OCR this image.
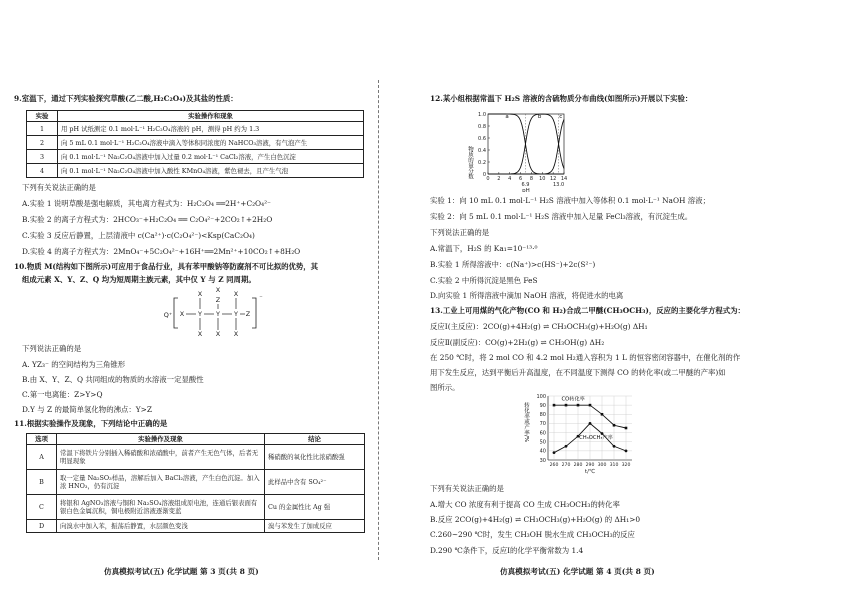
9.室温下，通过下列实验探究草酸(乙二酸,H₂C₂O₄)及其盐的性质：
实验	实验操作和现象
1	用 pH 试纸测定 0.1 mol·L⁻¹ H₂C₂O₄溶液的 pH，测得 pH 约为 1.3
2	向 5 mL 0.1 mol·L⁻¹ H₂C₂O₄溶液中滴入等体积同浓度的 NaHCO₃溶液，有气泡产生
3	向 0.1 mol·L⁻¹ Na₂C₂O₄溶液中加入过量 0.2 mol·L⁻¹ CaCl₂溶液，产生白色沉淀
4	向 0.1 mol·L⁻¹ Na₂C₂O₄溶液中加入酸性 KMnO₄溶液，紫色褪去，且产生气泡
下列有关说法正确的是
A.实验 1 说明草酸是强电解质，其电离方程式为：H₂C₂O₄ ══2H⁺+C₂O₄²⁻
B.实验 2 的离子方程式为：2HCO₃⁻+H₂C₂O₄ ══ C₂O₄²⁻+2CO₂↑+2H₂O
C.实验 3 反应后静置，上层清液中 c(Ca²⁺)·c(C₂O₄²⁻)<Ksp(CaC₂O₄)
D.实验 4 的离子方程式为：2MnO₄⁻+5C₂O₄²⁻+16H⁺══2Mn²⁺+10CO₂↑+8H₂O
10.物质 M(结构如下图所示)可应用于食品行业，具有苯甲酸钠等防腐剂不可比拟的优势，其
组成元素 X、Y、Z、Q 均为短周期主族元素，其中仅 Y 与 Z 同周期。
Q⁺
⁻
X Y Y Y Z
X X
Z
X
X X X
下列说法正确的是
A. YZ₃⁻ 的空间结构为三角锥形
B.由 X、Y、Z、Q 共同组成的物质的水溶液一定显酸性
C.第一电离能：Z>Y>Q
D.Y 与 Z 的最简单氢化物的沸点：Y>Z
11.根据实验操作及现象，下列结论中正确的是
选项	实验操作及现象	结论
A	常温下将铁片分别插入稀硝酸和浓硝酸中，前者产生无色气体，后者无明显现象	稀硝酸的氧化性比浓硝酸强
B	取一定量 Na₂SO₃样品，溶解后加入 BaCl₂溶液，产生白色沉淀。加入浓 HNO₃，仍有沉淀	此样品中含有 SO₄²⁻
C	将银和 AgNO₃溶液与铜和 Na₂SO₄溶液组成原电池，连通后银表面有银白色金属沉积，铜电极附近溶液逐渐变蓝	Cu 的金属性比 Ag 强
D	向溴水中加入苯，振荡后静置，水层颜色变浅	溴与苯发生了加成反应
仿真模拟考试(五) 化学试题 第 3 页(共 8 页)
12.某小组根据常温下 H₂S 溶液的含硫物质分布曲线(如图所示)开展以下实验：
物质的量分数
1.0
0.8
0.6
0.4
0.2
0
0 2 4 6 8 10 12 14
6.9	13.0
pH
a	b	c
实验 1：向 10 mL 0.1 mol·L⁻¹ H₂S 溶液中加入等体积 0.1 mol·L⁻¹ NaOH 溶液；
实验 2：向 5 mL 0.1 mol·L⁻¹ H₂S 溶液中加入足量 FeCl₃溶液，有沉淀生成。
下列说法正确的是
A.常温下，H₂S 的 Ka₁=10⁻¹³·⁰
B.实验 1 所得溶液中：c(Na⁺)>c(HS⁻)+2c(S²⁻)
C.实验 2 中所得沉淀是黑色 FeS
D.向实验 1 所得溶液中滴加 NaOH 溶液，将促进水的电离
13.工业上可用煤的气化产物(CO 和 H₂)合成二甲醚(CH₃OCH₃)，反应的主要化学方程式为：
反应Ⅰ(主反应)：2CO(g)+4H₂(g) ⇌ CH₃OCH₃(g)+H₂O(g) ΔH₁
反应Ⅱ(副反应)：CO(g)+2H₂(g) ⇌ CH₃OH(g) ΔH₂
在 250 ℃时，将 2 mol CO 和 4.2 mol H₂通入容积为 1 L 的恒容密闭容器中，在催化剂的作
用下发生反应，达到平衡后升高温度，在不同温度下测得 CO 的转化率(或二甲醚的产率)如
图所示。
转化率或产率/%
100
90
80
70
60
50
40
30
260 270 280 290 300 310 320
t/℃
CO转化率
CH₃OCH₃产率
下列有关说法正确的是
A.增大 CO 浓度有利于提高 CO 生成 CH₃OCH₃的转化率
B.反应 2CO(g)+4H₂(g) ⇌ CH₃OCH₃(g)+H₂O(g) 的 ΔH₁>0
C.260~290 ℃时，发生 CH₃OH 脱水生成 CH₃OCH₃的反应
D.290 ℃条件下，反应Ⅰ的化学平衡常数为 1.4
仿真模拟考试(五) 化学试题 第 4 页(共 8 页)
